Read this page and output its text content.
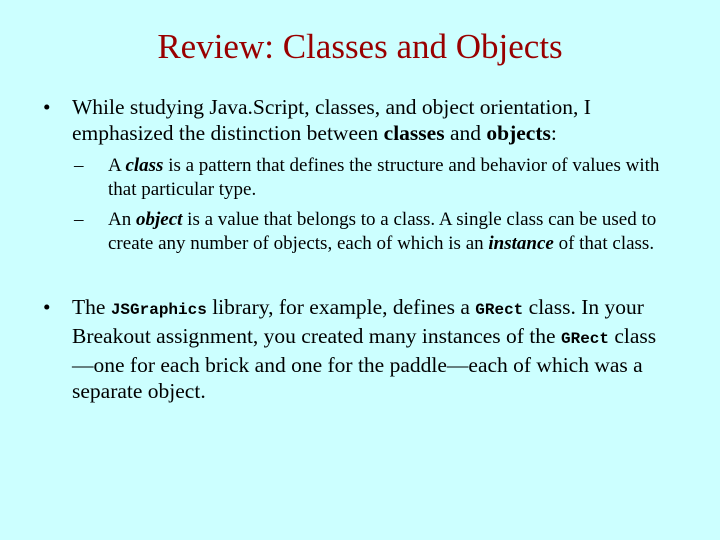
Review: Classes and Objects
• While studying Java.Script, classes, and object orientation, I emphasized the distinction between classes and objects:
– A class is a pattern that defines the structure and behavior of values with that particular type.
– An object is a value that belongs to a class. A single class can be used to create any number of objects, each of which is an instance of that class.
• The JSGraphics library, for example, defines a GRect class. In your Breakout assignment, you created many instances of the GRect class—one for each brick and one for the paddle—each of which was a separate object.
